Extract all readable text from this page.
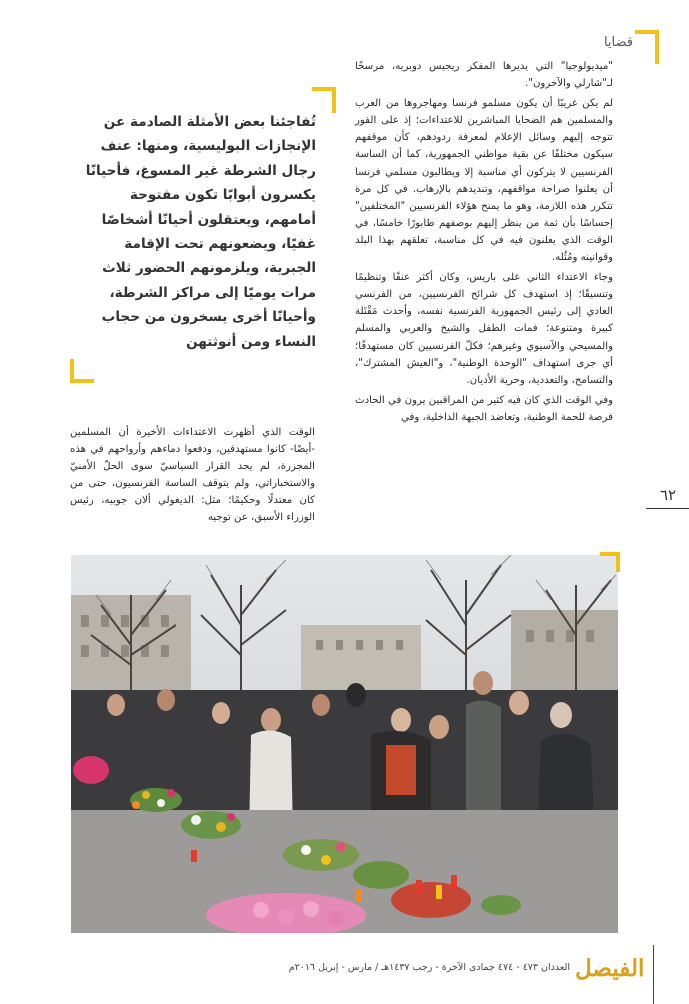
قضايا

"ميديولوجيا" التي يديرها المفكر ريجيس دوبريه، مرسخًا لـ"شارلي والآخرون".

لم يكن غريبًا أن يكون مسلمو فرنسا ومهاجروها من العرب والمسلمين هم الضحايا المباشرين للاعتداءات؛ إذ على الفور تتوجه إليهم وسائل الإعلام لمعرفة ردودهم، كأن موقفهم سيكون مختلفًا عن بقية مواطني الجمهورية، كما أن الساسة الفرنسيين لا يتركون أي مناسبة إلا ويطالبون مسلمي فرنسا أن يعلنوا صراحة مواقفهم، وتنديدهم بالإرهاب. في كل مرة تتكرر هذه اللازمة، وهو ما يمنح هؤلاء الفرنسيين "المختلفين" إحساسًا بأن ثمة من ينظر إليهم بوصفهم طابورًا خامسًا، في الوقت الذي يعلنون فيه في كل مناسبة، تعلقهم بهذا البلد وقوانينه ومُثُله.

وجاء الاعتداء الثاني على باريس، وكان أكثر عنفًا وتنظيمًا وتنسيقًا؛ إذ استهدف كل شرائح الفرنسيين، من الفرنسي العادي إلى رئيس الجمهورية الفرنسية نفسه، وأحدث مَقْتَلة كبيرة ومتنوعة؛ فمات الطفل والشيخ والعربي والمسلم والمسيحي والآسيوي وغيرهم؛ فكلّ الفرنسيين كان مستهدفًا؛ أي جرى استهداف "الوحدة الوطنية"، و"العيش المشترك"، والتسامح، والتعددية، وحرية الأديان.

وفي الوقت الذي كان فيه كثير من المراقبين يرون في الحادث فرصة للحمة الوطنية، وتعاضد الجبهة الداخلية، وفي

تُفاجئنا بعض الأمثلة الصادمة عن الإنجازات البوليسية، ومنها: عنف رجال الشرطة غير المسوغ، فأحيانًا يكسرون أبوابًا تكون مفتوحة أمامهم، ويعتقلون أحيانًا أشخاصًا غفيًا، ويضعونهم تحت الإقامة الجبرية، ويلزمونهم الحضور ثلاث مرات يوميًا إلى مراكز الشرطة، وأحيانًا أخرى يسخرون من حجاب النساء ومن أنوثتهن
الوقت الذي أظهرت الاعتداءات الأخيرة أن المسلمين -أيضًا- كانوا مستهدفين، ودفعوا دماءهم وأرواحهم في هذه المجزرة، لم يجد القرار السياسيّ سوى الحلّ الأمنيّ والاستخباراتي، ولم يتوقف الساسة الفرنسيون، حتى من كان معتدلًا وحكيمًا؛ مثل: الديغولي ألان جوبيه، رئيس الوزراء الأسبق، عن توجيه
٦٢
الفيصل
العددان ٤٧٣ - ٤٧٤ جمادى الآخرة - رجب ١٤٣٧هـ / مارس - إبريل ٢٠١٦م
